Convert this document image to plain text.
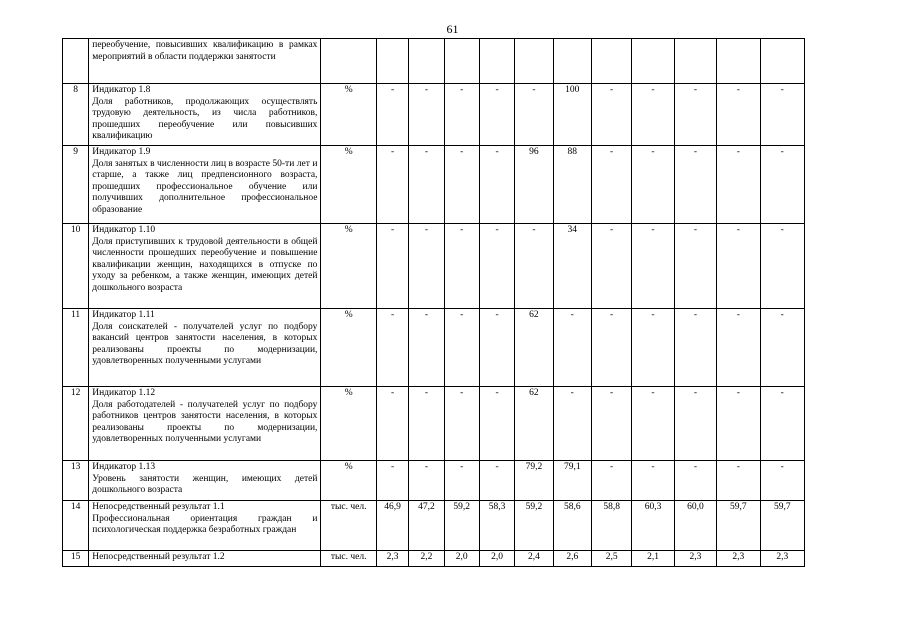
61
	переобучение, повысивших квалификацию в рамках мероприятий в области поддержки занятости												
8	Индикатор 1.8
Доля работников, продолжающих осуществлять трудовую деятельность, из числа работников, прошедших переобучение или повысивших квалификацию	%	-	-	-	-	-	100	-	-	-	-	-
9	Индикатор 1.9
Доля занятых в численности лиц в возрасте 50-ти лет и старше, а также лиц предпенсионного возраста, прошедших профессиональное обучение или получивших дополнительное профессиональное образование	%	-	-	-	-	96	88	-	-	-	-	-
10	Индикатор 1.10
Доля приступивших к трудовой деятельности в общей численности прошедших переобучение и повышение квалификации женщин, находящихся в отпуске по уходу за ребенком, а также женщин, имеющих детей дошкольного возраста	%	-	-	-	-	-	34	-	-	-	-	-
11	Индикатор 1.11
Доля соискателей - получателей услуг по подбору вакансий центров занятости населения, в которых реализованы проекты по модернизации, удовлетворенных полученными услугами	%	-	-	-	-	62	-	-	-	-	-	-
12	Индикатор 1.12
Доля работодателей - получателей услуг по подбору работников центров занятости населения, в которых реализованы проекты по модернизации, удовлетворенных полученными услугами	%	-	-	-	-	62	-	-	-	-	-	-
13	Индикатор 1.13
Уровень занятости женщин, имеющих детей дошкольного возраста	%	-	-	-	-	79,2	79,1	-	-	-	-	-
14	Непосредственный результат 1.1
Профессиональная ориентация граждан и психологическая поддержка безработных граждан	тыс. чел.	46,9	47,2	59,2	58,3	59,2	58,6	58,8	60,3	60,0	59,7	59,7
15	Непосредственный результат 1.2	тыс. чел.	2,3	2,2	2,0	2,0	2,4	2,6	2,5	2,1	2,3	2,3	2,3
